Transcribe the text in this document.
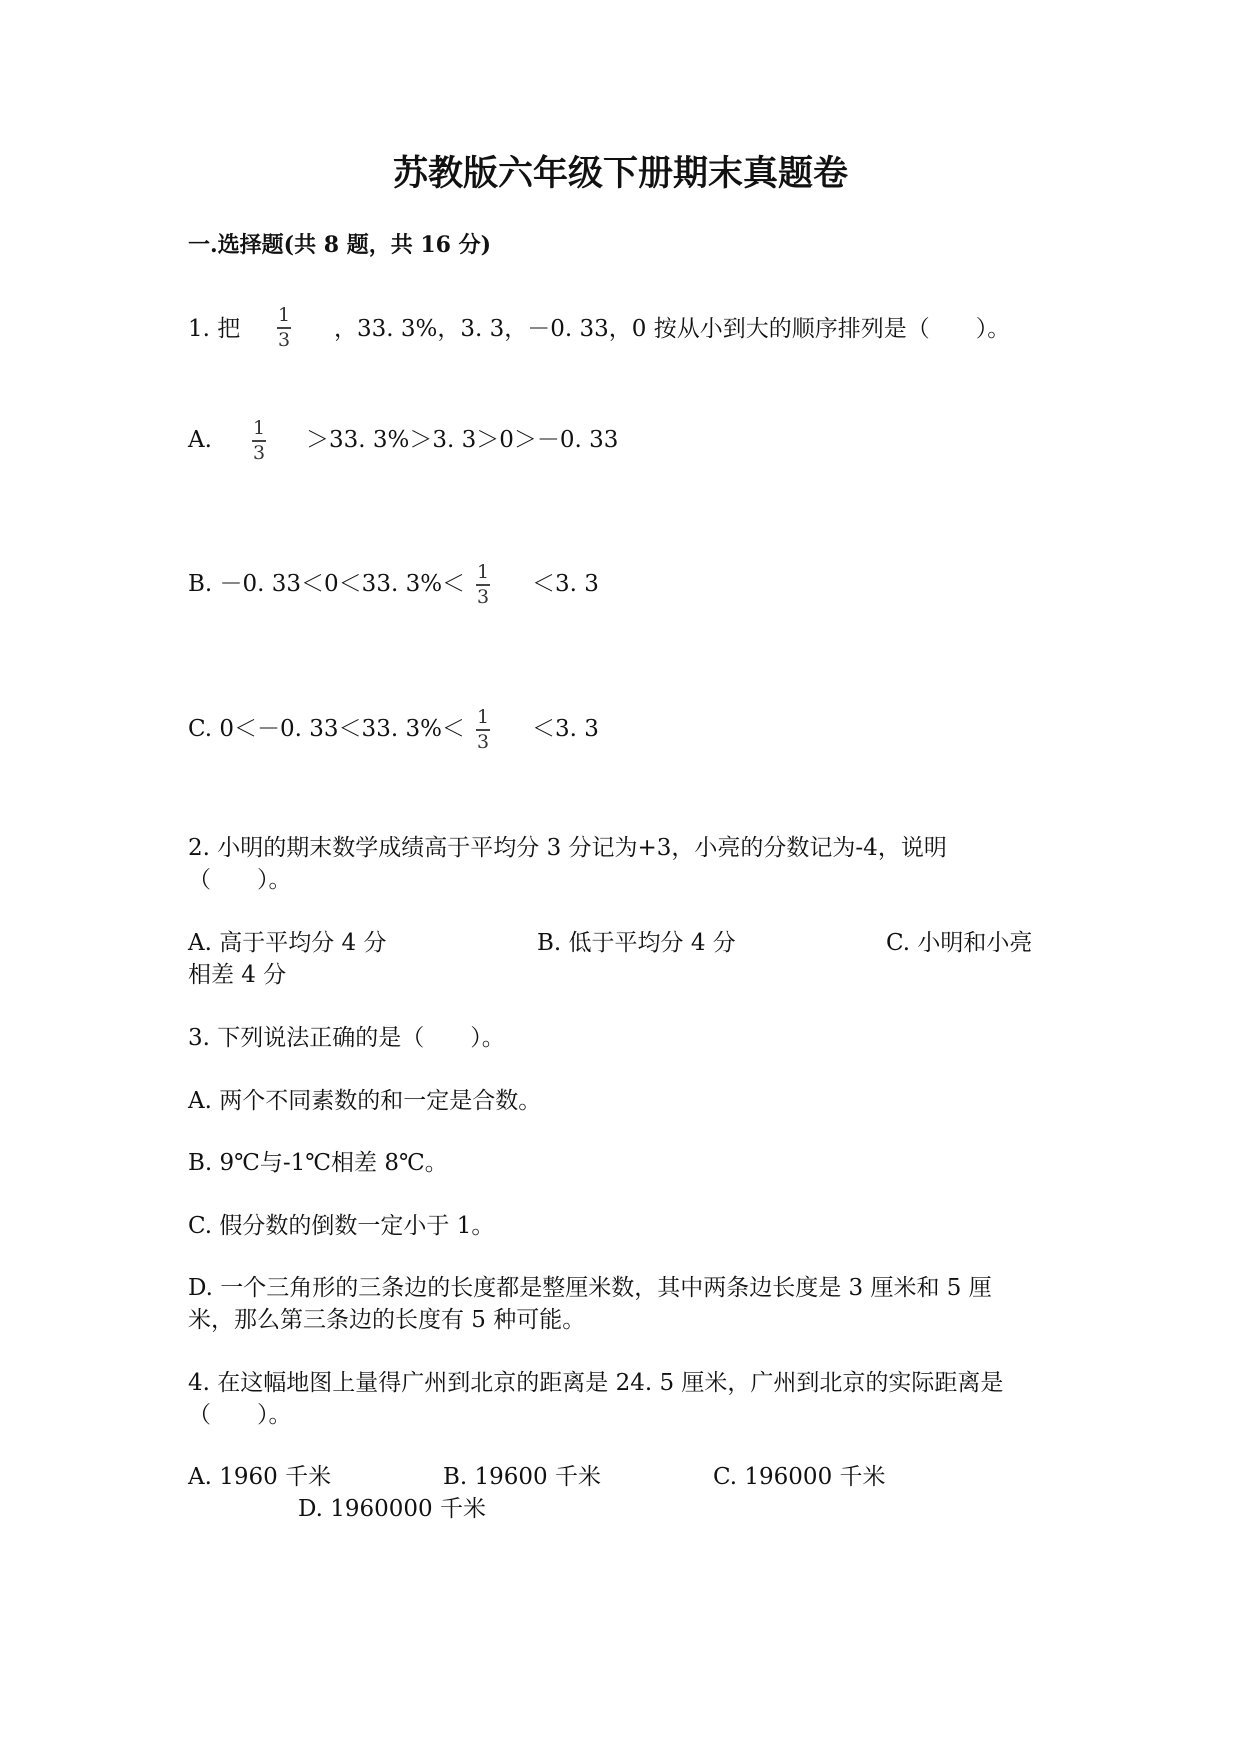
苏教版六年级下册期末真题卷
一.选择题(共 8 题，共 16 分)
1. 把
1
3 ，33. 3%，3. 3，－0. 33，0 按从小到大的顺序排列是（　　）。
A. 1
3 ＞33. 3%＞3. 3＞0＞－0. 33
B. －0. 33＜0＜33. 3%＜ 1
3 ＜3. 3
C. 0＜－0. 33＜33. 3%＜ 1
3 ＜3. 3
2. 小明的期末数学成绩高于平均分 3 分记为+3，小亮的分数记为-4，说明
（　　）。
A. 高于平均分 4 分	B. 低于平均分 4 分	C. 小明和小亮
相差 4 分
3. 下列说法正确的是（　　）。
A. 两个不同素数的和一定是合数。
B. 9℃与-1℃相差 8℃。
C. 假分数的倒数一定小于 1。
D. 一个三角形的三条边的长度都是整厘米数，其中两条边长度是 3 厘米和 5 厘
米，那么第三条边的长度有 5 种可能。
4. 在这幅地图上量得广州到北京的距离是 24. 5 厘米，广州到北京的实际距离是
（　　）。
A. 1960 千米	B. 19600 千米	C. 196000 千米
D. 1960000 千米
